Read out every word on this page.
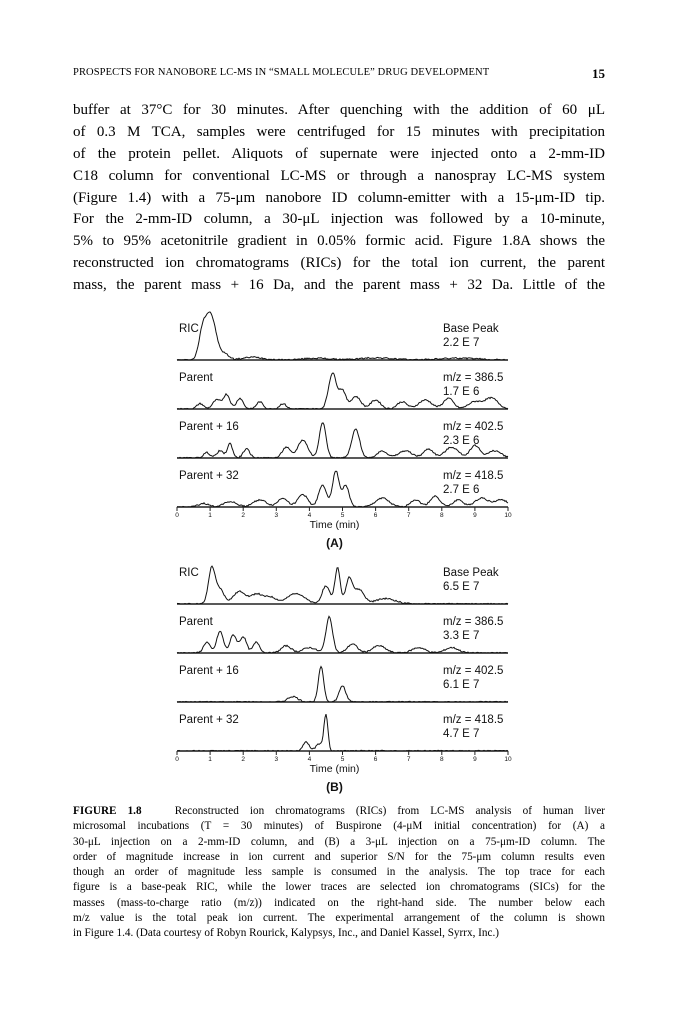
PROSPECTS FOR NANOBORE LC-MS IN “SMALL MOLECULE” DRUG DEVELOPMENT	15
buffer at 37°C for 30 minutes. After quenching with the addition of 60 μL
of 0.3 M TCA, samples were centrifuged for 15 minutes with precipitation
of the protein pellet. Aliquots of supernate were injected onto a 2-mm-ID
C18 column for conventional LC-MS or through a nanospray LC-MS system
(Figure 1.4) with a 75-μm nanobore ID column-emitter with a 15-μm-ID tip.
For the 2-mm-ID column, a 30-μL injection was followed by a 10-minute,
5% to 95% acetonitrile gradient in 0.05% formic acid. Figure 1.8A shows the
reconstructed ion chromatograms (RICs) for the total ion current, the parent
mass, the parent mass + 16 Da, and the parent mass + 32 Da. Little of the
RIC	Base Peak
2.2 E 7
Parent	m/z = 386.5
1.7 E 6
Parent + 16	m/z = 402.5
2.3 E 6
Parent + 32	m/z = 418.5
2.7 E 6
0	1	2	3	4	5	6	7	8	9	10
Time (min)
(A)
RIC	Base Peak
6.5 E 7
Parent	m/z = 386.5
3.3 E 7
Parent + 16	m/z = 402.5
6.1 E 7
Parent + 32	m/z = 418.5
4.7 E 7
0	1	2	3	4	5	6	7	8	9	10
Time (min)
(B)
FIGURE 1.8	Reconstructed ion chromatograms (RICs) from LC-MS analysis of human liver
microsomal incubations (T = 30 minutes) of Buspirone (4-μM initial concentration) for (A) a
30-μL injection on a 2-mm-ID column, and (B) a 3-μL injection on a 75-μm-ID column. The
order of magnitude increase in ion current and superior S/N for the 75-μm column results even
though an order of magnitude less sample is consumed in the analysis. The top trace for each
figure is a base-peak RIC, while the lower traces are selected ion chromatograms (SICs) for the
masses (mass-to-charge ratio (m/z)) indicated on the right-hand side. The number below each
m/z value is the total peak ion current. The experimental arrangement of the column is shown
in Figure 1.4. (Data courtesy of Robyn Rourick, Kalypsys, Inc., and Daniel Kassel, Syrrx, Inc.)
